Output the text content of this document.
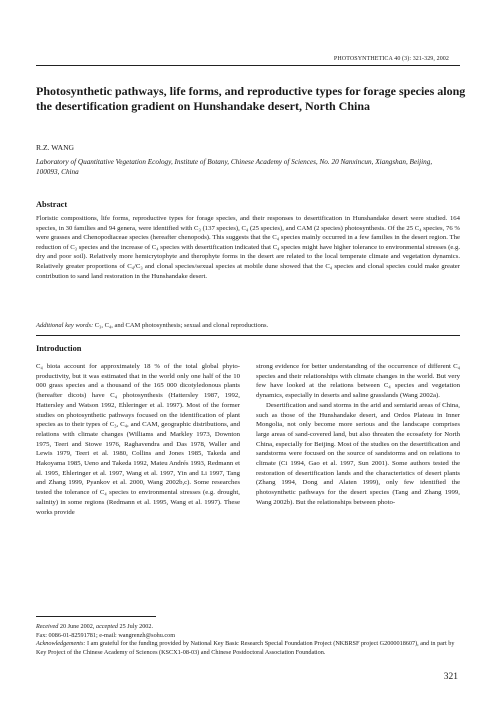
PHOTOSYNTHETICA 40 (3): 321-329, 2002
Photosynthetic pathways, life forms, and reproductive types for forage species along the desertification gradient on Hunshandake desert, North China
R.Z. WANG
Laboratory of Quantitative Vegetation Ecology, Institute of Botany, Chinese Academy of Sciences, No. 20 Nanxincun, Xiangshan, Beijing, 100093, China
Abstract

Floristic compositions, life forms, reproductive types for forage species, and their responses to desertification in Hunshandake desert were studied. 164 species, in 30 families and 94 genera, were identified with C₃ (137 species), C₄ (25 species), and CAM (2 species) photosynthesis. Of the 25 C₄ species, 76 % were grasses and Chenopodiaceae species (hereafter chenopods). This suggests that the C₄ species mainly occurred in a few families in the desert region. The reduction of C₃ species and the increase of C₄ species with desertification indicated that C₄ species might have higher tolerance to environmental stresses (e.g. dry and poor soil). Relatively more hemicrytophyte and therophyte forms in the desert are related to the local temperate climate and vegetation dynamics. Relatively greater proportions of C₄/C₃ and clonal species/sexual species at mobile dune showed that the C₄ species and clonal species could make greater contribution to sand land restoration in the Hunshandake desert.

Additional key words: C₃, C₄, and CAM photosynthesis; sexual and clonal reproductions.
Introduction

C₄ biota account for approximately 18 % of the total global phyto-productivity, but it was estimated that in the world only one half of the 10 000 grass species and a thousand of the 165 000 dicotyledonous plants (hereafter dicots) have C₄ photosynthesis (Hattersley 1987, 1992, Hattersley and Watson 1992, Ehleringer et al. 1997). Most of the former studies on photosynthetic pathways focused on the identification of plant species as to their types of C₃, C₄, and CAM, geographic distributions, and relations with climate changes (Williams and Markley 1973, Downton 1975, Teeri and Stowe 1976, Raghavendra and Das 1978, Waller and Lewis 1979, Teeri et al. 1980, Collins and Jones 1985, Takeda and Hakoyama 1985, Ueno and Takeda 1992, Mateu Andrés 1993, Redmann et al. 1995, Ehleringer et al. 1997, Wang et al. 1997, Yin and Li 1997, Tang and Zhang 1999, Pyankov et al. 2000, Wang 2002b,c). Some researches tested the tolerance of C₄ species to environmental stresses (e.g. drought, salinity) in some regions (Redmann et al. 1995, Wang et al. 1997). These works provide

strong evidence for better understanding of the occurrence of different C₄ species and their relationships with climate changes in the world. But very few have looked at the relations between C₄ species and vegetation dynamics, especially in deserts and saline grasslands (Wang 2002a).

Desertification and sand storms in the arid and semiarid areas of China, such as those of the Hunshandake desert, and Ordos Plateau in Inner Mongolia, not only become more serious and the landscape comprises large areas of sand-covered land, but also threaten the ecosafety for North China, especially for Beijing. Most of the studies on the desertification and sandstorms were focused on the source of sandstorms and on relations to climate (Ci 1994, Gao et al. 1997, Sun 2001). Some authors tested the restoration of desertification lands and the characteristics of desert plants (Zhang 1994, Dong and Alaten 1999), only few identified the photosynthetic pathways for the desert species (Tang and Zhang 1999, Wang 2002b). But the relationships between photo-

Received 20 June 2002, accepted 25 July 2002.
Fax: 0086-01-82591781; e-mail: wangrenzh@sohu.com
Acknowledgements: I am grateful for the funding provided by National Key Basic Research Special Foundation Project (NKBRSF project G2000018607), and in part by Key Project of the Chinese Academy of Sciences (KSCX1-08-03) and Chinese Postdoctoral Association Foundation.
321
